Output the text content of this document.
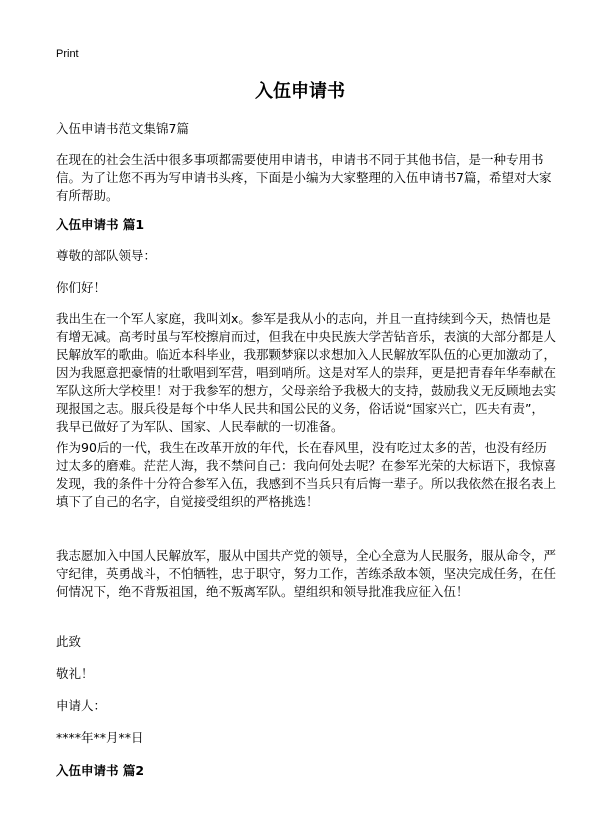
Print
入伍申请书

入伍申请书范文集锦7篇

在现在的社会生活中很多事项都需要使用申请书，申请书不同于其他书信，是一种专用书信。为了让您不再为写申请书头疼，下面是小编为大家整理的入伍申请书7篇，希望对大家有所帮助。

入伍申请书 篇1

尊敬的部队领导：

你们好！

我出生在一个军人家庭，我叫刘x。参军是我从小的志向，并且一直持续到今天，热情也是有增无减。高考时虽与军校擦肩而过，但我在中央民族大学苦钻音乐，表演的大部分都是人民解放军的歌曲。临近本科毕业，我那颗梦寐以求想加入人民解放军队伍的心更加激动了，因为我愿意把豪情的壮歌唱到军营，唱到哨所。这是对军人的崇拜，更是把青春年华奉献在军队这所大学校里！对于我参军的想方，父母亲给予我极大的支持，鼓励我义无反顾地去实现报国之志。服兵役是每个中华人民共和国公民的义务，俗话说“国家兴亡，匹夫有责”，我早已做好了为军队、国家、人民奉献的一切准备。

作为90后的一代，我生在改革开放的年代，长在春风里，没有吃过太多的苦，也没有经历过太多的磨难。茫茫人海，我不禁问自己：我向何处去呢？在参军光荣的大标语下，我惊喜发现，我的条件十分符合参军入伍，我感到不当兵只有后悔一辈子。所以我依然在报名表上填下了自己的名字，自觉接受组织的严格挑选！

我志愿加入中国人民解放军，服从中国共产党的领导，全心全意为人民服务，服从命令，严守纪律，英勇战斗，不怕牺牲，忠于职守，努力工作，苦练杀敌本领，坚决完成任务，在任何情况下，绝不背叛祖国，绝不叛离军队。望组织和领导批准我应征入伍！

此致

敬礼！

申请人：

****年**月**日

入伍申请书 篇2
